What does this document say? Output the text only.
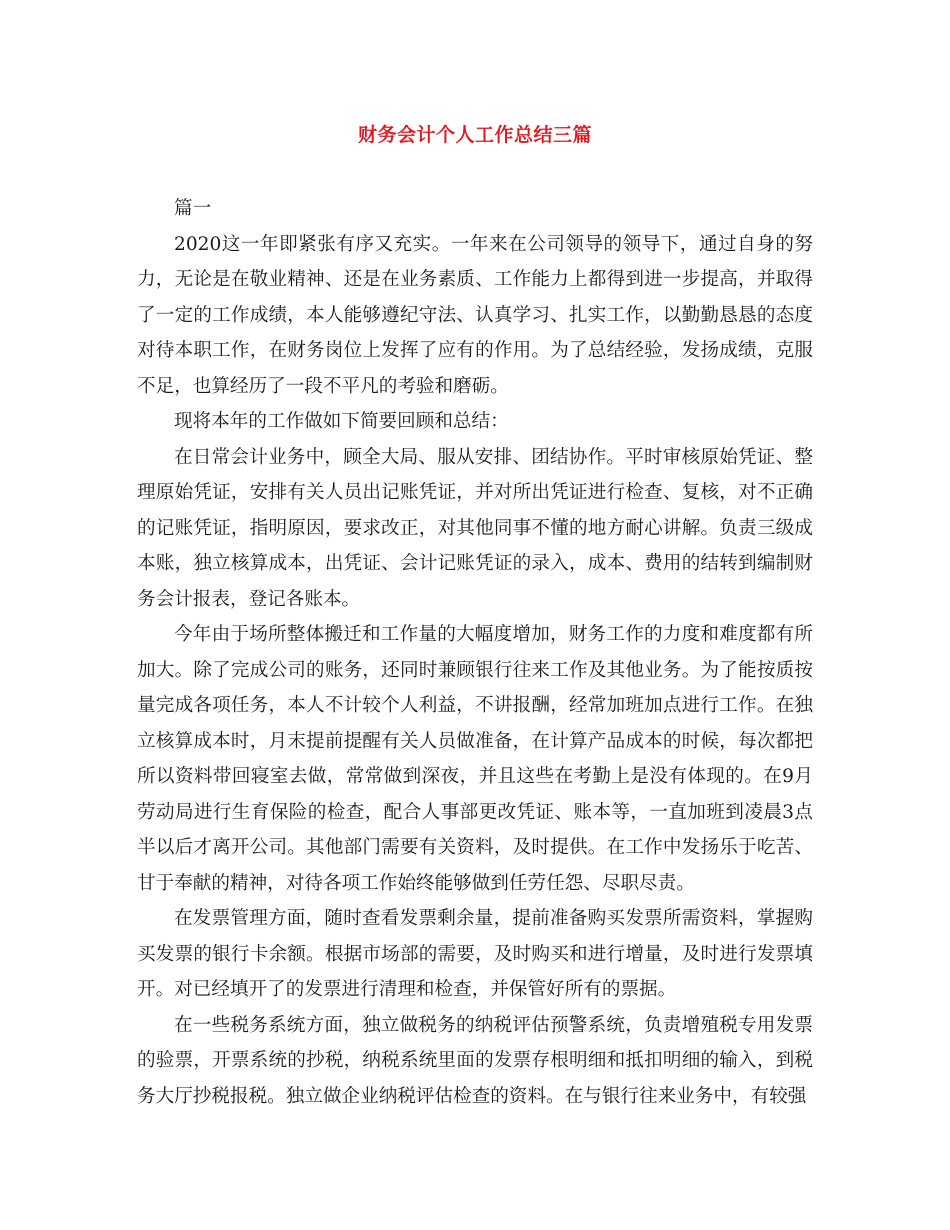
财务会计个人工作总结三篇

篇一

2020这一年即紧张有序又充实。一年来在公司领导的领导下，通过自身的努力，无论是在敬业精神、还是在业务素质、工作能力上都得到进一步提高，并取得了一定的工作成绩，本人能够遵纪守法、认真学习、扎实工作，以勤勤恳恳的态度对待本职工作，在财务岗位上发挥了应有的作用。为了总结经验，发扬成绩，克服不足，也算经历了一段不平凡的考验和磨砺。

现将本年的工作做如下简要回顾和总结：

在日常会计业务中，顾全大局、服从安排、团结协作。平时审核原始凭证、整理原始凭证，安排有关人员出记账凭证，并对所出凭证进行检查、复核，对不正确的记账凭证，指明原因，要求改正，对其他同事不懂的地方耐心讲解。负责三级成本账，独立核算成本，出凭证、会计记账凭证的录入，成本、费用的结转到编制财务会计报表，登记各账本。

今年由于场所整体搬迁和工作量的大幅度增加，财务工作的力度和难度都有所加大。除了完成公司的账务，还同时兼顾银行往来工作及其他业务。为了能按质按量完成各项任务，本人不计较个人利益，不讲报酬，经常加班加点进行工作。在独立核算成本时，月末提前提醒有关人员做准备，在计算产品成本的时候，每次都把所以资料带回寝室去做，常常做到深夜，并且这些在考勤上是没有体现的。在9月劳动局进行生育保险的检查，配合人事部更改凭证、账本等，一直加班到凌晨3点半以后才离开公司。其他部门需要有关资料，及时提供。在工作中发扬乐于吃苦、甘于奉献的精神，对待各项工作始终能够做到任劳任怨、尽职尽责。

在发票管理方面，随时查看发票剩余量，提前准备购买发票所需资料，掌握购买发票的银行卡余额。根据市场部的需要，及时购买和进行增量，及时进行发票填开。对已经填开了的发票进行清理和检查，并保管好所有的票据。

在一些税务系统方面，独立做税务的纳税评估预警系统，负责增殖税专用发票的验票，开票系统的抄税，纳税系统里面的发票存根明细和抵扣明细的输入，到税务大厅抄税报税。独立做企业纳税评估检查的资料。在与银行往来业务中，有较强
